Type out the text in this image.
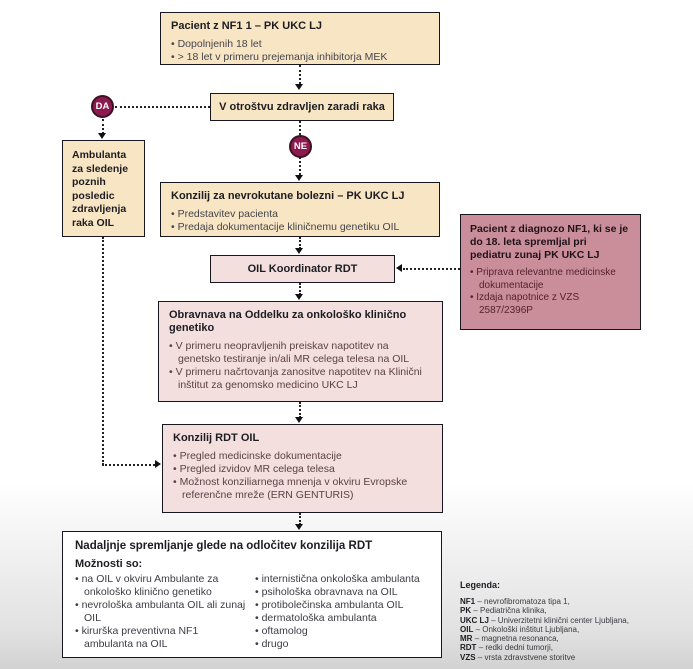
Pacient z NF1 1 – PK UKC LJ
• Dopolnjenih 18 let
• > 18 let v primeru prejemanja inhibitorja MEK
V otroštvu zdravljen zaradi raka
DA
Ambulanta za sledenje poznih posledic zdravljenja raka OIL
NE
Konzilij za nevrokutane bolezni – PK UKC LJ
• Predstavitev pacienta
• Predaja dokumentacije kliničnemu genetiku OIL
OIL Koordinator RDT
Pacient z diagnozo NF1, ki se je do 18. leta spremljal pri pediatru zunaj PK UKC LJ
• Priprava relevantne medicinske dokumentacije
• Izdaja napotnice z VZS 2587/2396P
Obravnava na Oddelku za onkološko klinično genetiko
• V primeru neopravljenih preiskav napotitev na genetsko testiranje in/ali MR celega telesa na OIL
• V primeru načrtovanja zanositve napotitev na Klinični inštitut za genomsko medicino UKC LJ
Konzilij RDT OIL
• Pregled medicinske dokumentacije
• Pregled izvidov MR celega telesa
• Možnost konziliarnega mnenja v okviru Evropske referenčne mreže (ERN GENTURIS)
Nadaljnje spremljanje glede na odločitev konzilija RDT
Možnosti so:
• na OIL v okviru Ambulante za onkološko klinično genetiko
• nevrološka ambulanta OIL ali zunaj OIL
• kirurška preventivna NF1 ambulanta na OIL
• internistična onkološka ambulanta
• psihološka obravnava na OIL
• protibolečinska ambulanta OIL
• dermatološka ambulanta
• oftamolog
• drugo
Legenda:
NF1 – nevrofibromatoza tipa 1,
PK – Pediatrična klinika,
UKC LJ – Univerzitetni klinični center Ljubljana,
OIL – Onkološki inštitut Ljubljana,
MR – magnetna resonanca,
RDT – redki dedni tumorji,
VZS – vrsta zdravstvene storitve
